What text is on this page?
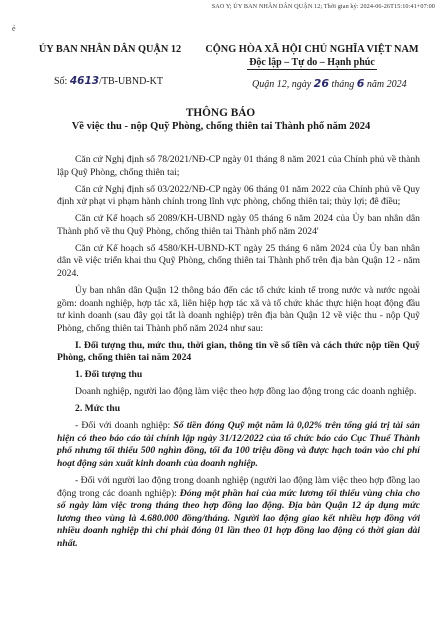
SAO Y; ỦY BAN NHÂN DÂN QUẬN 12; Thời gian ký: 2024-06-26T15:10:41+07:00
ẻ
ỦY BAN NHÂN DÂN QUẬN 12	CỘNG HÒA XÃ HỘI CHỦ NGHĨA VIỆT NAM
Độc lập – Tự do – Hạnh phúc
Số: 4613/TB-UBND-KT	Quận 12, ngày 26 tháng 6 năm 2024
THÔNG BÁO
Về việc thu - nộp Quỹ Phòng, chống thiên tai Thành phố năm 2024

Căn cứ Nghị định số 78/2021/NĐ-CP ngày 01 tháng 8 năm 2021 của Chính phủ về thành lập Quỹ Phòng, chống thiên tai;

Căn cứ Nghị định số 03/2022/NĐ-CP ngày 06 tháng 01 năm 2022 của Chính phủ về Quy định xử phạt vi phạm hành chính trong lĩnh vực phòng, chống thiên tai; thủy lợi; đê điều;

Căn cứ Kế hoạch số 2089/KH-UBND ngày 05 tháng 6 năm 2024 của Ủy ban nhân dân Thành phố về thu Quỹ Phòng, chống thiên tai Thành phố năm 2024'

Căn cứ Kế hoạch số 4580/KH-UBND-KT ngày 25 tháng 6 năm 2024 của Ủy ban nhân dân về việc triển khai thu Quỹ Phòng, chống thiên tai Thành phố trên địa bàn Quận 12 - năm 2024.

Ủy ban nhân dân Quận 12 thông báo đến các tổ chức kinh tế trong nước và nước ngoài gồm: doanh nghiệp, hợp tác xã, liên hiệp hợp tác xã và tổ chức khác thực hiện hoạt động đầu tư kinh doanh (sau đây gọi tắt là doanh nghiệp) trên địa bàn Quận 12 về việc thu - nộp Quỹ Phòng, chống thiên tai Thành phố năm 2024 như sau:

I. Đối tượng thu, mức thu, thời gian, thông tin về số tiền và cách thức nộp tiền Quỹ Phòng, chống thiên tai năm 2024

1. Đối tượng thu

Doanh nghiệp, người lao động làm việc theo hợp đồng lao động trong các doanh nghiệp.

2. Mức thu

- Đối với doanh nghiệp: Số tiền đóng Quỹ một năm là 0,02% trên tổng giá trị tài sản hiện có theo báo cáo tài chính lập ngày 31/12/2022 của tổ chức báo cáo Cục Thuế Thành phố nhưng tối thiểu 500 nghìn đồng, tối đa 100 triệu đồng và được hạch toán vào chi phí hoạt động sản xuất kinh doanh của doanh nghiệp.

- Đối với người lao động trong doanh nghiệp (người lao động làm việc theo hợp đồng lao động trong các doanh nghiệp): Đóng một phần hai của mức lương tối thiểu vùng chia cho số ngày làm việc trong tháng theo hợp đồng lao động. Địa bàn Quận 12 áp dụng mức lương theo vùng là 4.680.000 đồng/tháng. Người lao động giao kết nhiều hợp đồng với nhiều doanh nghiệp thì chỉ phải đóng 01 lần theo 01 hợp đồng lao động có thời gian dài nhất.
